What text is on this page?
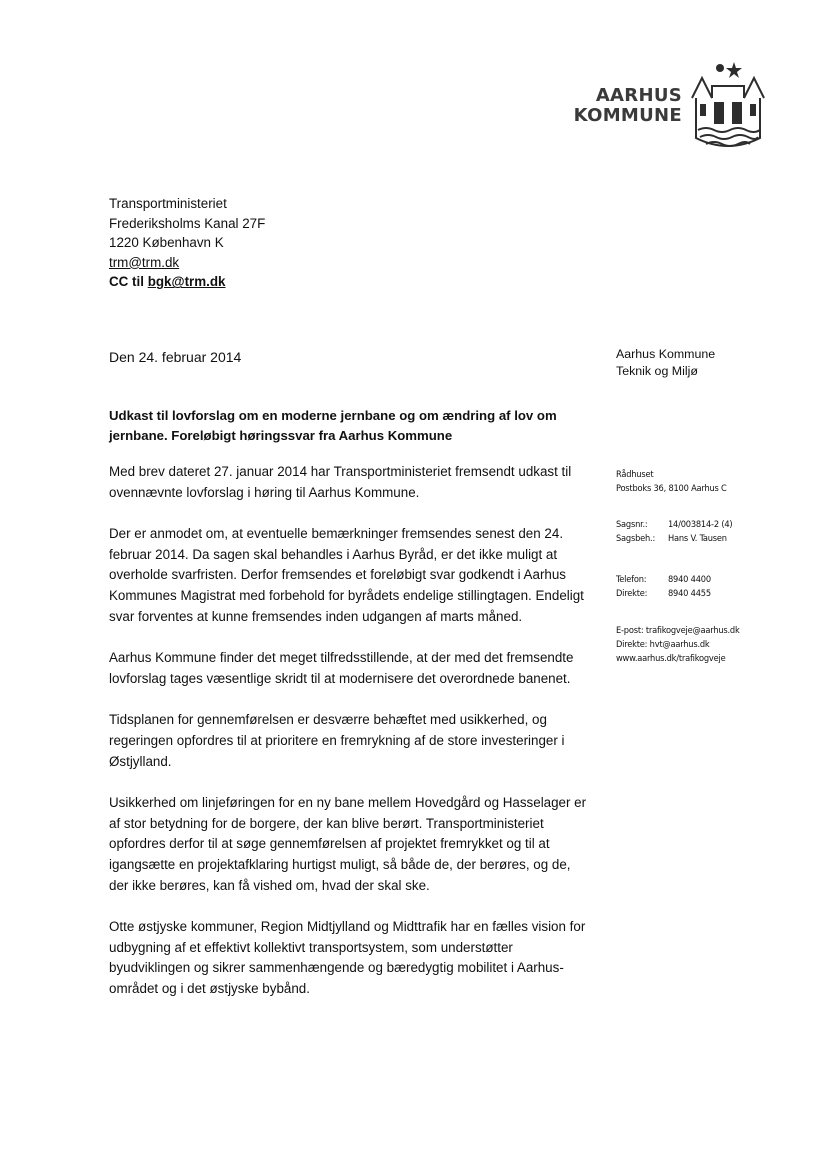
AARHUS
KOMMUNE
Transportministeriet
Frederiksholms Kanal 27F
1220 København K
trm@trm.dk
CC til bgk@trm.dk
Den 24. februar 2014	Aarhus Kommune
Teknik og Miljø
Rådhuset
Postboks 36, 8100 Aarhus C
Sagsnr.: 14/003814-2 (4)
Sagsbeh.: Hans V. Tausen
Telefon: 8940 4400
Direkte: 8940 4455
E-post: trafikogveje@aarhus.dk
Direkte: hvt@aarhus.dk
www.aarhus.dk/trafikogveje
Udkast til lovforslag om en moderne jernbane og om ændring af lov om jernbane. Foreløbigt høringssvar fra Aarhus Kommune

Med brev dateret 27. januar 2014 har Transportministeriet fremsendt udkast til ovennævnte lovforslag i høring til Aarhus Kommune.

Der er anmodet om, at eventuelle bemærkninger fremsendes senest den 24. februar 2014. Da sagen skal behandles i Aarhus Byråd, er det ikke muligt at overholde svarfristen. Derfor fremsendes et foreløbigt svar godkendt i Aarhus Kommunes Magistrat med forbehold for byrådets endelige stillingtagen. Endeligt svar forventes at kunne fremsendes inden udgangen af marts måned.

Aarhus Kommune finder det meget tilfredsstillende, at der med det fremsendte lovforslag tages væsentlige skridt til at modernisere det overordnede banenet.

Tidsplanen for gennemførelsen er desværre behæftet med usikkerhed, og regeringen opfordres til at prioritere en fremrykning af de store investeringer i Østjylland.

Usikkerhed om linjeføringen for en ny bane mellem Hovedgård og Hasselager er af stor betydning for de borgere, der kan blive berørt. Transportministeriet opfordres derfor til at søge gennemførelsen af projektet fremrykket og til at igangsætte en projektafklaring hurtigst muligt, så både de, der berøres, og de, der ikke berøres, kan få vished om, hvad der skal ske.

Otte østjyske kommuner, Region Midtjylland og Midttrafik har en fælles vision for udbygning af et effektivt kollektivt transportsystem, som understøtter byudviklingen og sikrer sammenhængende og bæredygtig mobilitet i Aarhus-området og i det østjyske bybånd.
